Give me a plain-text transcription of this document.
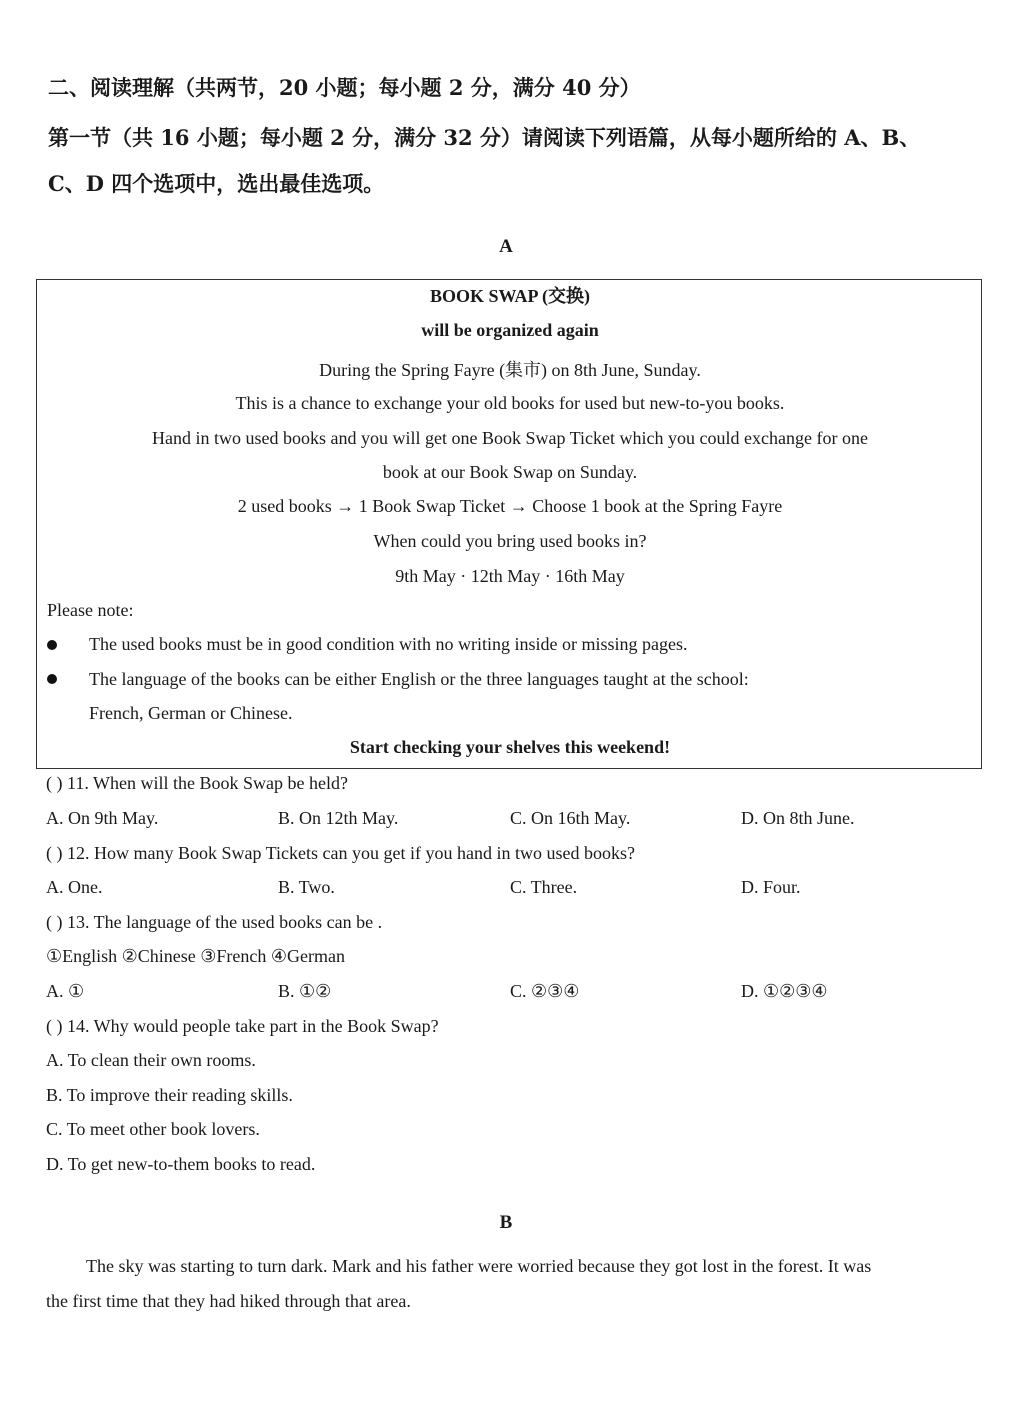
二、阅读理解（共两节，20 小题；每小题 2 分，满分 40 分）
第一节（共 16 小题；每小题 2 分，满分 32 分）请阅读下列语篇，从每小题所给的 A、B、
C、D 四个选项中，选出最佳选项。
A
BOOK SWAP (交换)
will be organized again
During the Spring Fayre (集市) on 8th June, Sunday.
This is a chance to exchange your old books for used but new-to-you books.
Hand in two used books and you will get one Book Swap Ticket which you could exchange for one
book at our Book Swap on Sunday.
2 used books → 1 Book Swap Ticket → Choose 1 book at the Spring Fayre
When could you bring used books in?
9th May · 12th May · 16th May
Please note:
The used books must be in good condition with no writing inside or missing pages.
The language of the books can be either English or the three languages taught at the school:
French, German or Chinese.
Start checking your shelves this weekend!
( ) 11. When will the Book Swap be held?
A. On 9th May.	B. On 12th May.	C. On 16th May.	D. On 8th June.
( ) 12. How many Book Swap Tickets can you get if you hand in two used books?
A. One.	B. Two.	C. Three.	D. Four.
( ) 13. The language of the used books can be .
①English ②Chinese ③French ④German
A. ①	B. ①②	C. ②③④	D. ①②③④
( ) 14. Why would people take part in the Book Swap?
A. To clean their own rooms.
B. To improve their reading skills.
C. To meet other book lovers.
D. To get new-to-them books to read.
B
The sky was starting to turn dark. Mark and his father were worried because they got lost in the forest. It was
the first time that they had hiked through that area.
